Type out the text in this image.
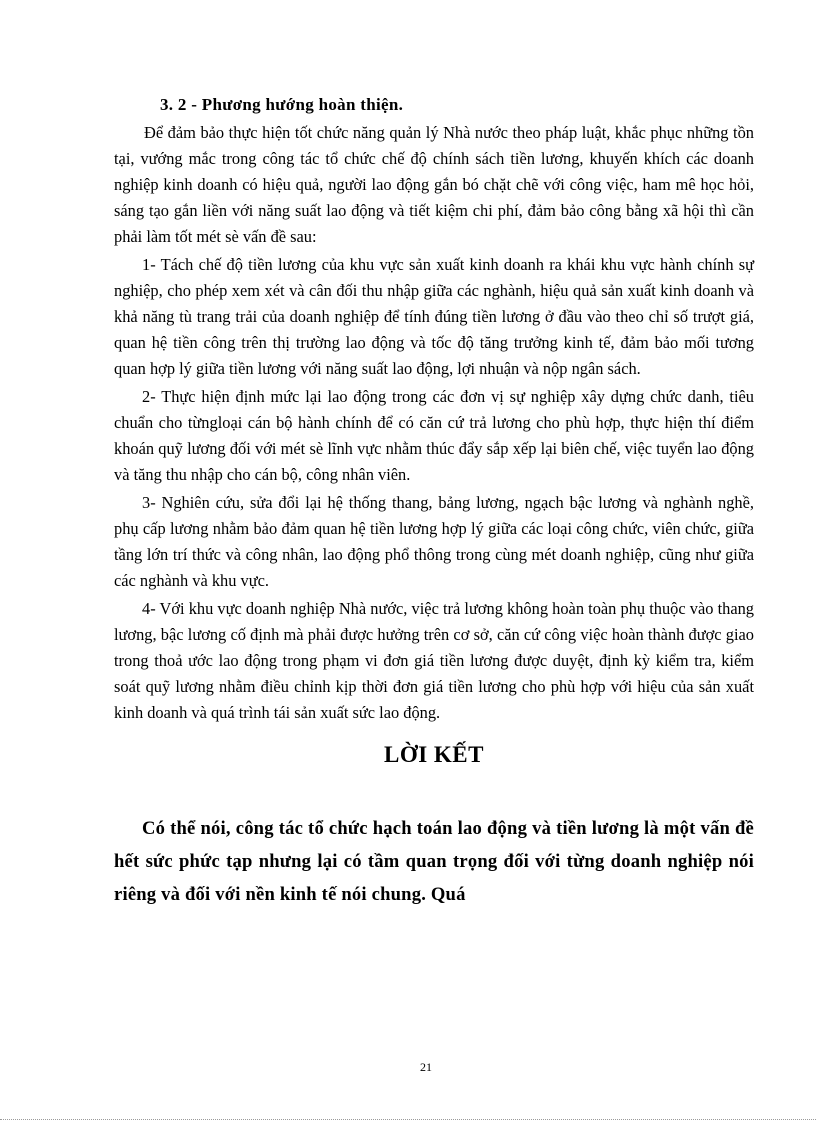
3. 2 - Phương hướng hoàn thiện.

Để đảm bảo thực hiện tốt chức năng quản lý Nhà nước theo pháp luật, khắc phục những tồn tại, vướng mắc trong công tác tổ chức chế độ chính sách tiền lương, khuyến khích các doanh nghiệp kinh doanh có hiệu quả, người lao động gắn bó chặt chẽ với công việc, ham mê học hỏi, sáng tạo gắn liền với năng suất lao động và tiết kiệm chi phí, đảm bảo công bằng xã hội thì cần phải làm tốt mét sè vấn đề sau:

1- Tách chế độ tiền lương của khu vực sản xuất kinh doanh ra khái khu vực hành chính sự nghiệp, cho phép xem xét và cân đối thu nhập giữa các nghành, hiệu quả sản xuất kinh doanh và khả năng tù trang trải của doanh nghiệp để tính đúng tiền lương ở đầu vào theo chỉ số trượt giá, quan hệ tiền công trên thị trường lao động và tốc độ tăng trưởng kinh tế, đảm bảo mối tương quan hợp lý giữa tiền lương với năng suất lao động, lợi nhuận và nộp ngân sách.

2- Thực hiện định mức lại lao động trong các đơn vị sự nghiệp xây dựng chức danh, tiêu chuẩn cho từngloại cán bộ hành chính để có căn cứ trả lương cho phù hợp, thực hiện thí điểm khoán quỹ lương đối với mét sè lĩnh vực nhằm thúc đẩy sắp xếp lại biên chế, việc tuyển lao động và tăng thu nhập cho cán bộ, công nhân viên.

3- Nghiên cứu, sửa đổi lại hệ thống thang, bảng lương, ngạch bậc lương và nghành nghề, phụ cấp lương nhằm bảo đảm quan hệ tiền lương hợp lý giữa các loại công chức, viên chức, giữa tầng lớn trí thức và công nhân, lao động phổ thông trong cùng mét doanh nghiệp, cũng như giữa các nghành và khu vực.

4- Với khu vực doanh nghiệp Nhà nước, việc trả lương không hoàn toàn phụ thuộc vào thang lương, bậc lương cố định mà phải được hưởng trên cơ sở, căn cứ công việc hoàn thành được giao trong thoả ước lao động trong phạm vi đơn giá tiền lương được duyệt, định kỳ kiểm tra, kiểm soát quỹ lương nhằm điều chỉnh kịp thời đơn giá tiền lương cho phù hợp với hiệu của sản xuất kinh doanh và quá trình tái sản xuất sức lao động.

LỜI KẾT

Có thể nói, công tác tổ chức hạch toán lao động và tiền lương là một vấn đề hết sức phức tạp nhưng lại có tầm quan trọng đối với từng doanh nghiệp nói riêng và đối với nền kinh tế nói chung. Quá

21
